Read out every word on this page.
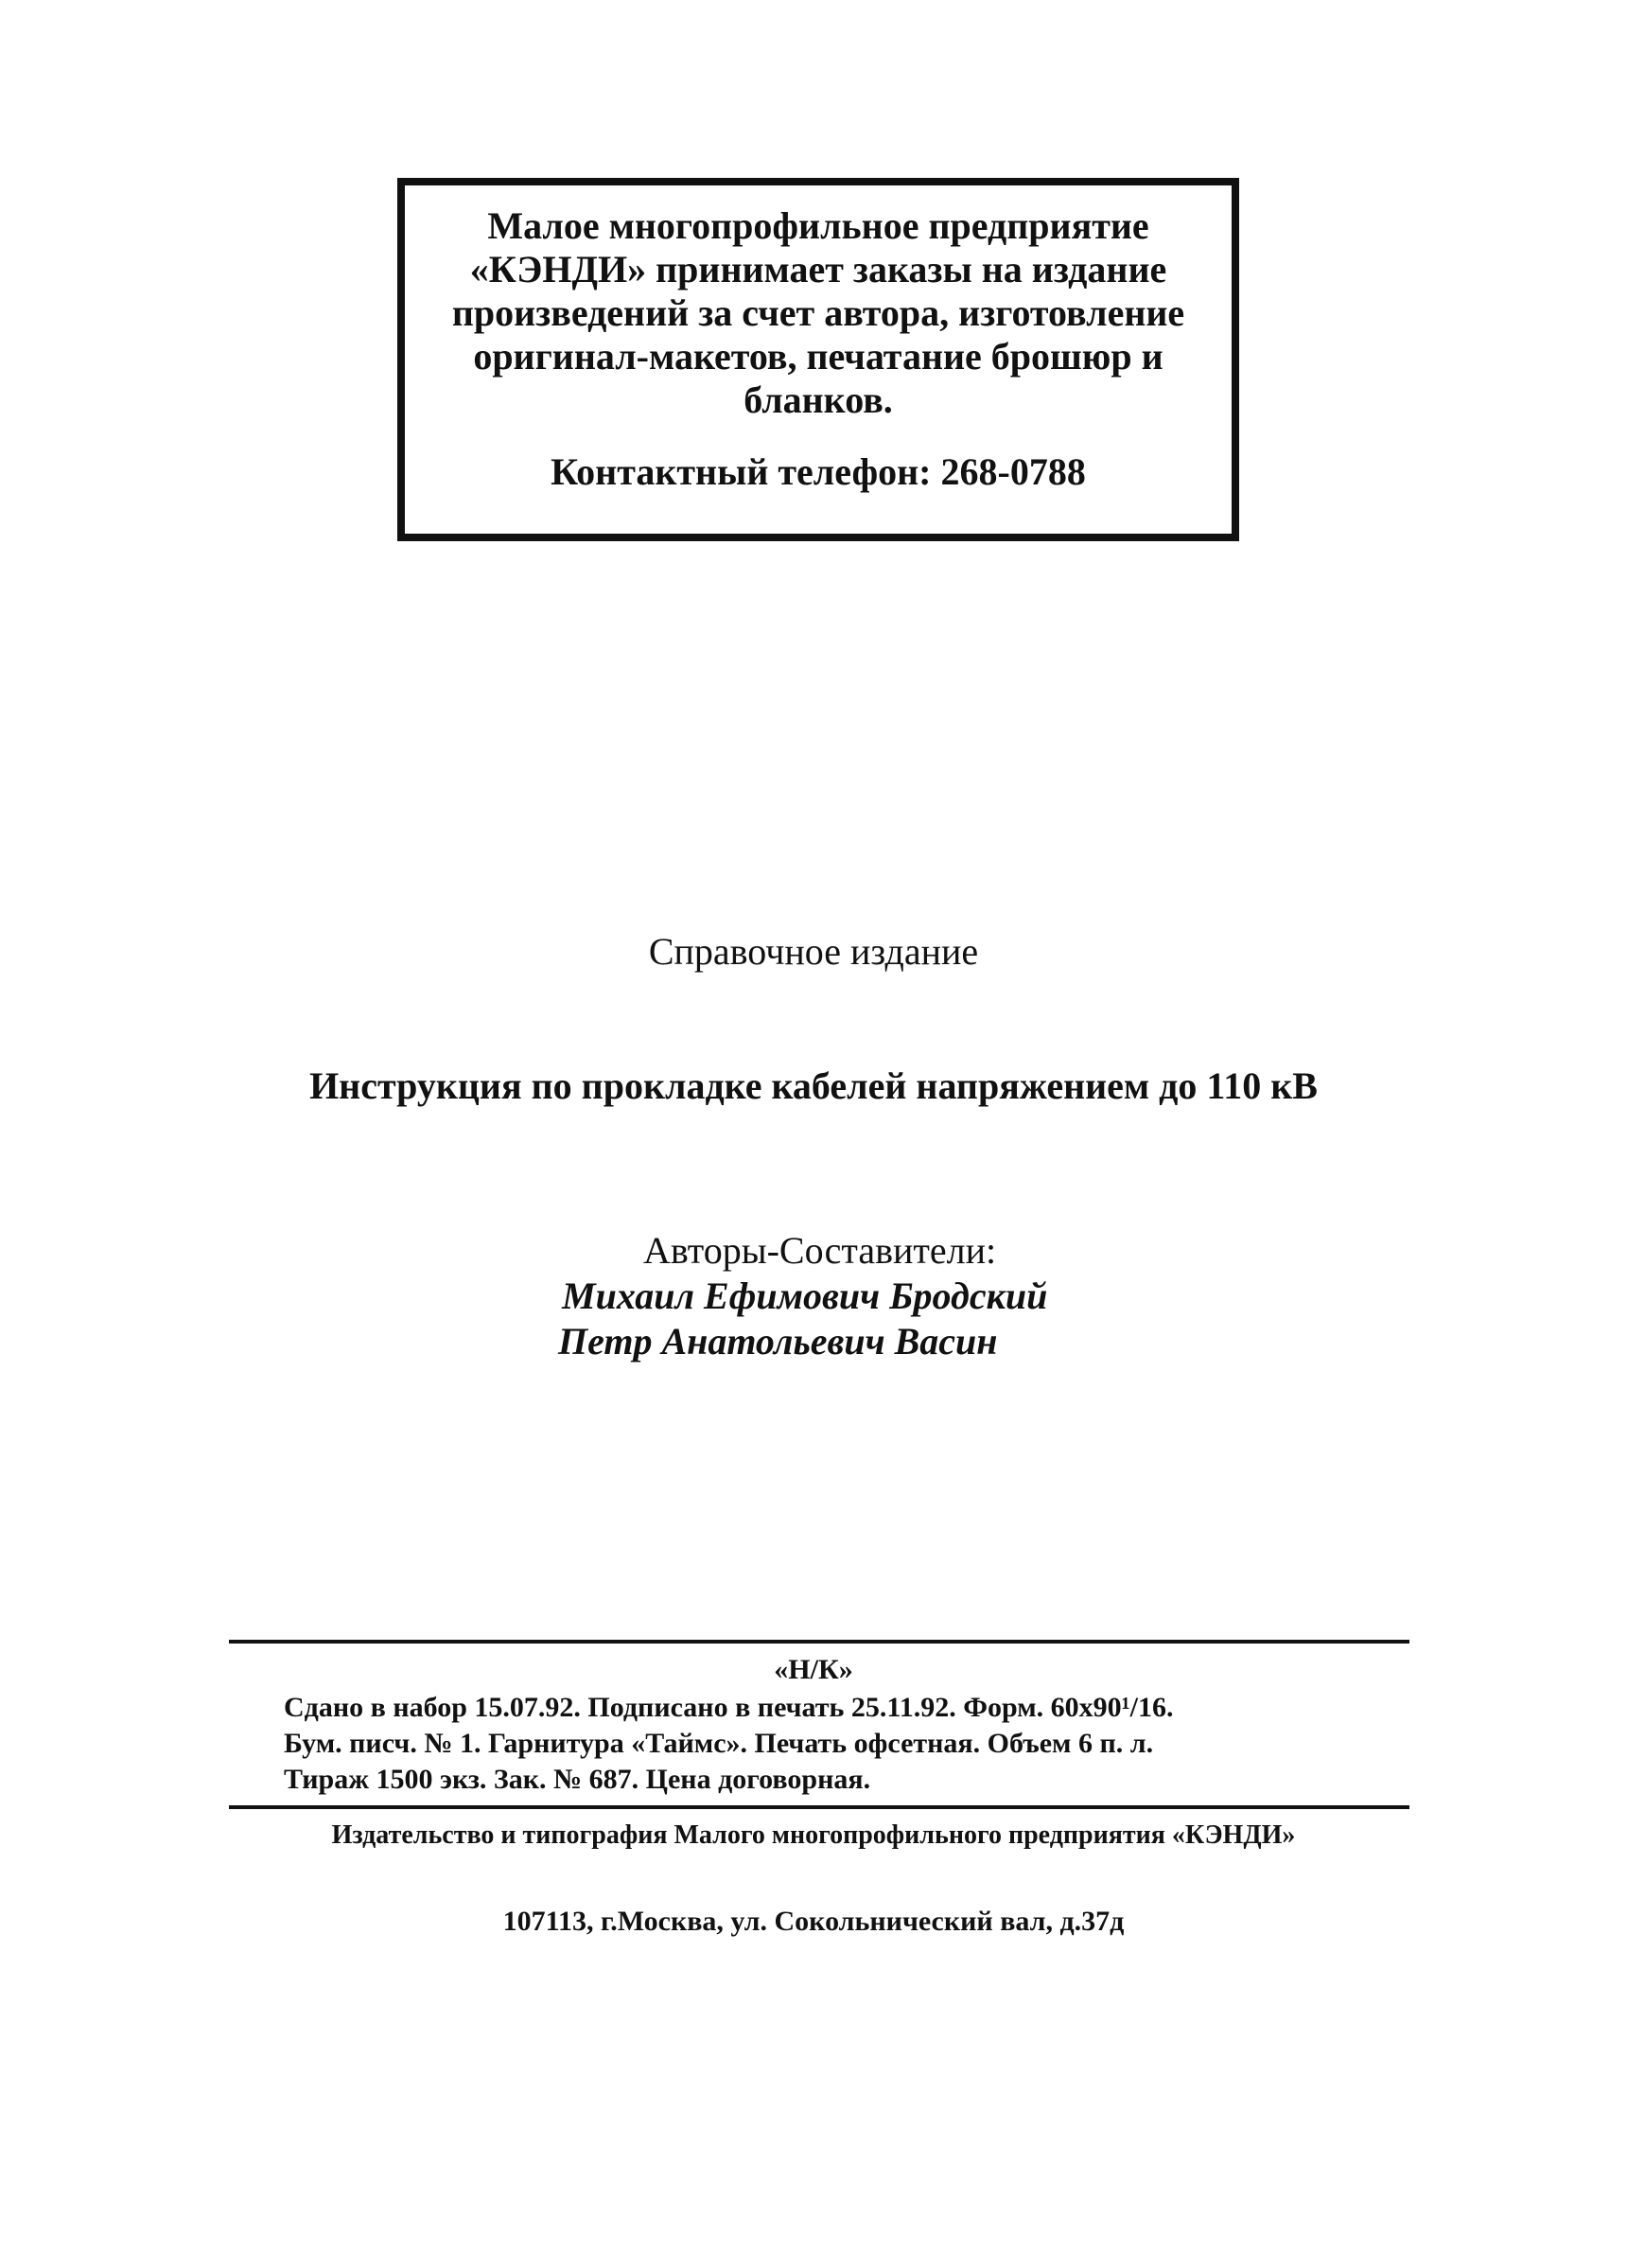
Малое многопрофильное предприятие «КЭНДИ» принимает заказы на издание произведений за счет автора, изготовление оригинал-макетов, печатание брошюр и бланков.
Контактный телефон: 268-0788
Справочное издание
Инструкция по прокладке кабелей напряжением до 110 кВ
Авторы-Составители:
Михаил Ефимович Бродский
Петр Анатольевич Васин
«Н/К»
Сдано в набор 15.07.92. Подписано в печать 25.11.92. Форм. 60х90¹/16.
Бум. писч. № 1. Гарнитура «Таймс». Печать офсетная. Объем 6 п. л.
Тираж 1500 экз. Зак. № 687. Цена договорная.
Издательство и типография Малого многопрофильного предприятия «КЭНДИ»
107113, г.Москва, ул. Сокольнический вал, д.37д
